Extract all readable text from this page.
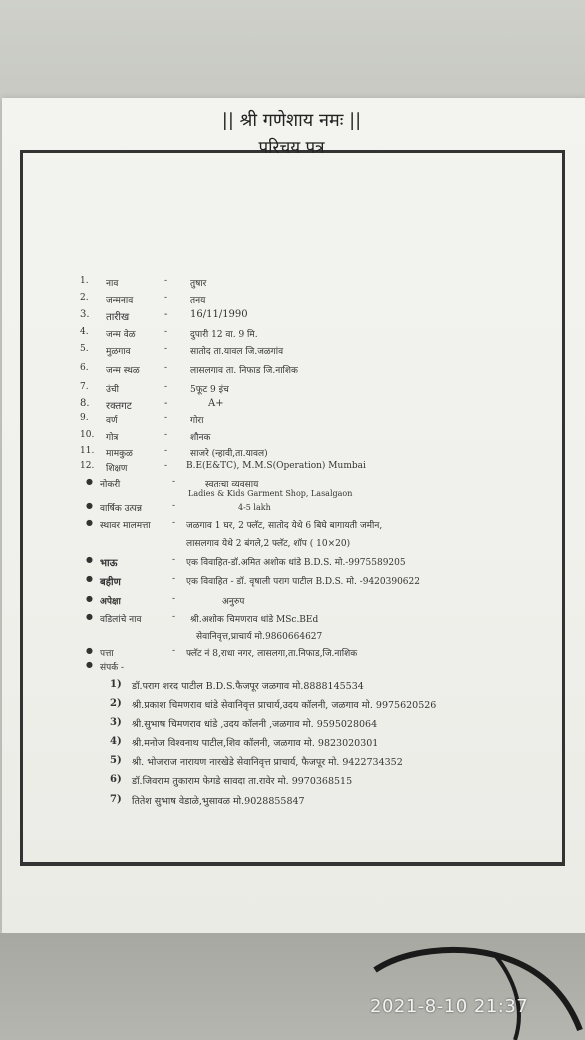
|| श्री गणेशाय नमः ||
परिचय पत्र
1.	नाव	-	तुषार
2.	जन्मनाव	-	तनय
3.	तारीख	- 16/11/1990
4.	जन्म वेळ	-	दुपारी 12 वा. 9 मि.
5.	मुळगाव	-	सातोद ता.यावल जि.जळगांव
6.	जन्म स्थळ	-	लासलगाव ता. निफाड जि.नाशिक
7.	उंची	-	5फूट 9 इंच
8.	रक्तगट	-	A+
9.	वर्ण	-	गोरा
10.	गोत्र	-	शौनक
11.	मामकुळ	-	साजरे (न्हावी,ता.यावल)
12.	शिक्षण	- B.E(E&TC), M.M.S(Operation) Mumbai
● नोकरी	-	स्वतःचा व्यवसाय
Ladies & Kids Garment Shop, Lasalgaon
● वार्षिक उत्पन्न	-	4-5 lakh
● स्थावर मालमत्ता - जळगाव 1 घर, 2 फ्लॅट, सातोद येथे 6 बिघे बागायती जमीन,
लासलगाव येथे 2 बंगले,2 फ्लॅट, शॉप ( 10×20)
● भाऊ	- एक विवाहित-डॉ.अमित अशोक धांडे B.D.S. मो.-9975589205
● बहीण	- एक विवाहित - डॉ. वृषाली पराग पाटील B.D.S. मो. -9420390622
● अपेक्षा	-	अनुरुप
● वडिलांचे नाव	- श्री.अशोक चिमणराव धांडे MSc.BEd
सेवानिवृत्त,प्राचार्य मो.9860664627
● पत्ता	- फ्लॅट नं 8,राधा नगर, लासलगा,ता.निफाड,जि.नाशिक
● संपर्क -
1) डॉ.पराग शरद पाटील B.D.S.फैजपूर जळगाव मो.8888145534
2) श्री.प्रकाश चिमणराव धांडे सेवानिवृत्त प्राचार्य,उदय कॉलनी, जळगाव मो. 9975620526
3) श्री.सुभाष चिमणराव धांडे ,उदय कॉलनी ,जळगाव मो. 9595028064
4) श्री.मनोज विश्वनाथ पाटील,शिव कॉलनी, जळगाव मो. 9823020301
5) श्री. भोजराज नारायण नारखेडे सेवानिवृत्त प्राचार्य, फैजपूर मो. 9422734352
6) डॉ.जिवराम तुकाराम फेगडे सावदा ता.रावेर मो. 9970368515
7) तितेश सुभाष वेडाळे,भुसावळ मो.9028855847
2021-8-10 21:37
